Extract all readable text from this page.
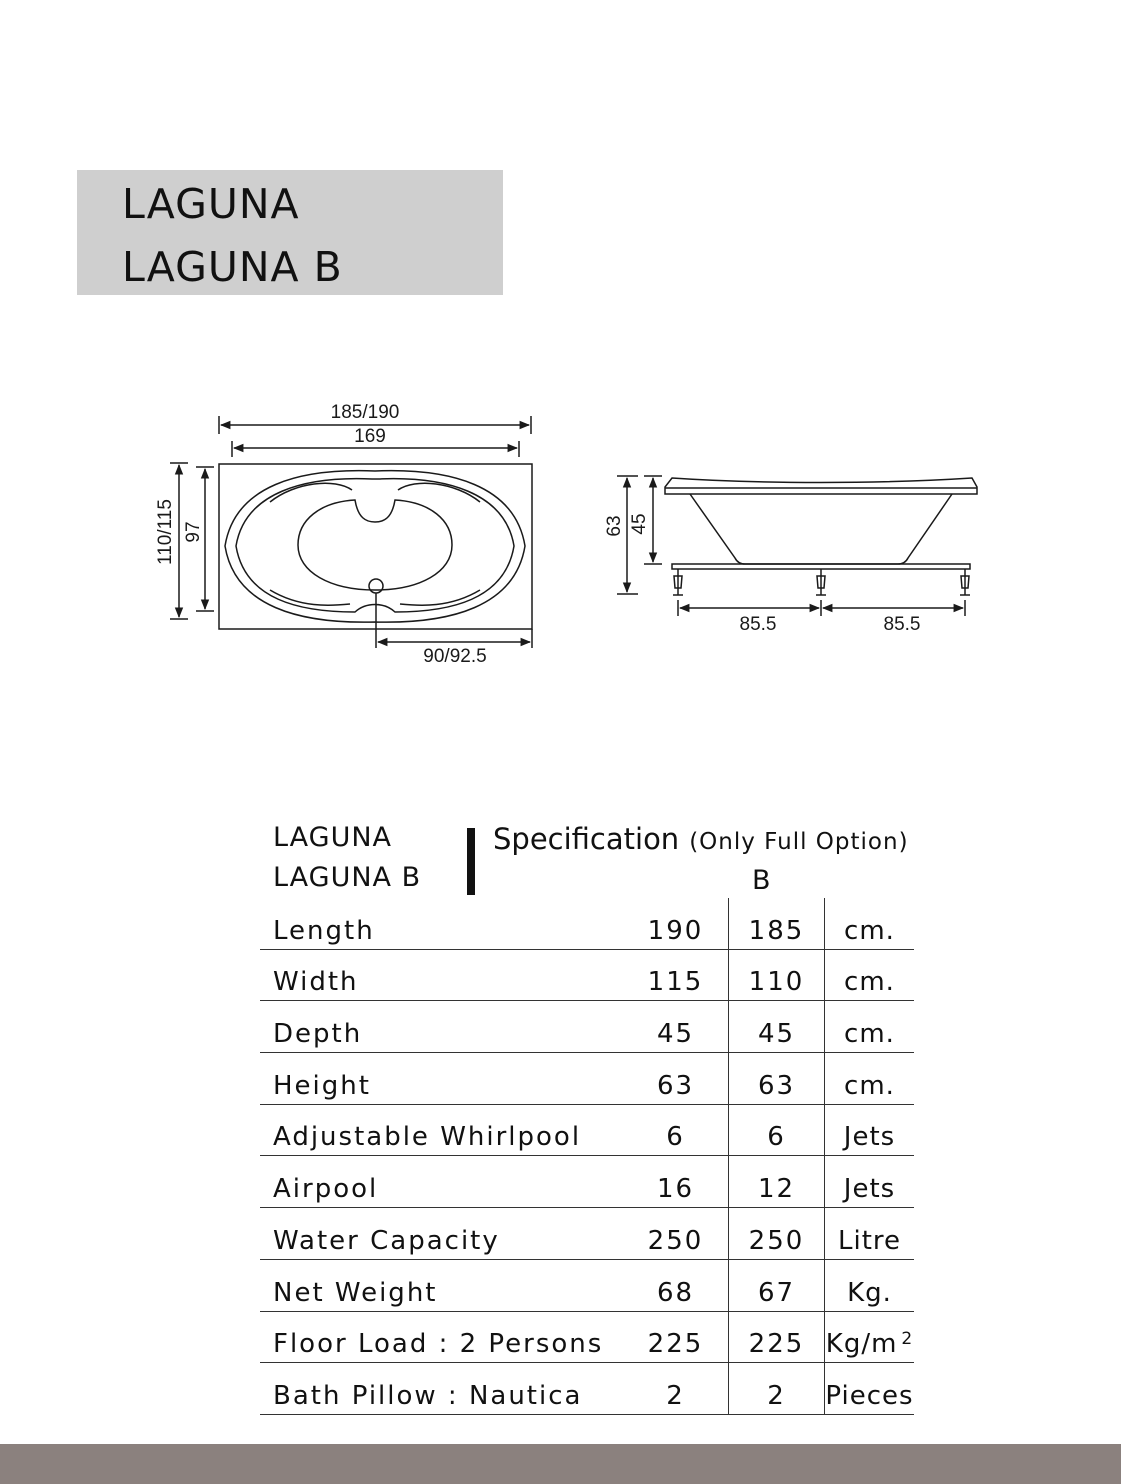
LAGUNA
LAGUNA B
185/190
169
110/115 97
90/92.5
63 45
85.5	85.5
LAGUNA
LAGUNA B
Specification (Only Full Option)
B
Length	190	185	cm.
Width	115	110	cm.
Depth	45	45	cm.
Height	63	63	cm.
Adjustable Whirlpool	6	6	Jets
Airpool	16	12	Jets
Water Capacity	250	250	Litre
Net Weight	68	67	Kg.
Floor Load : 2 Persons	225	225	Kg/m $^2$
Bath Pillow : Nautica	2	2	Pieces
